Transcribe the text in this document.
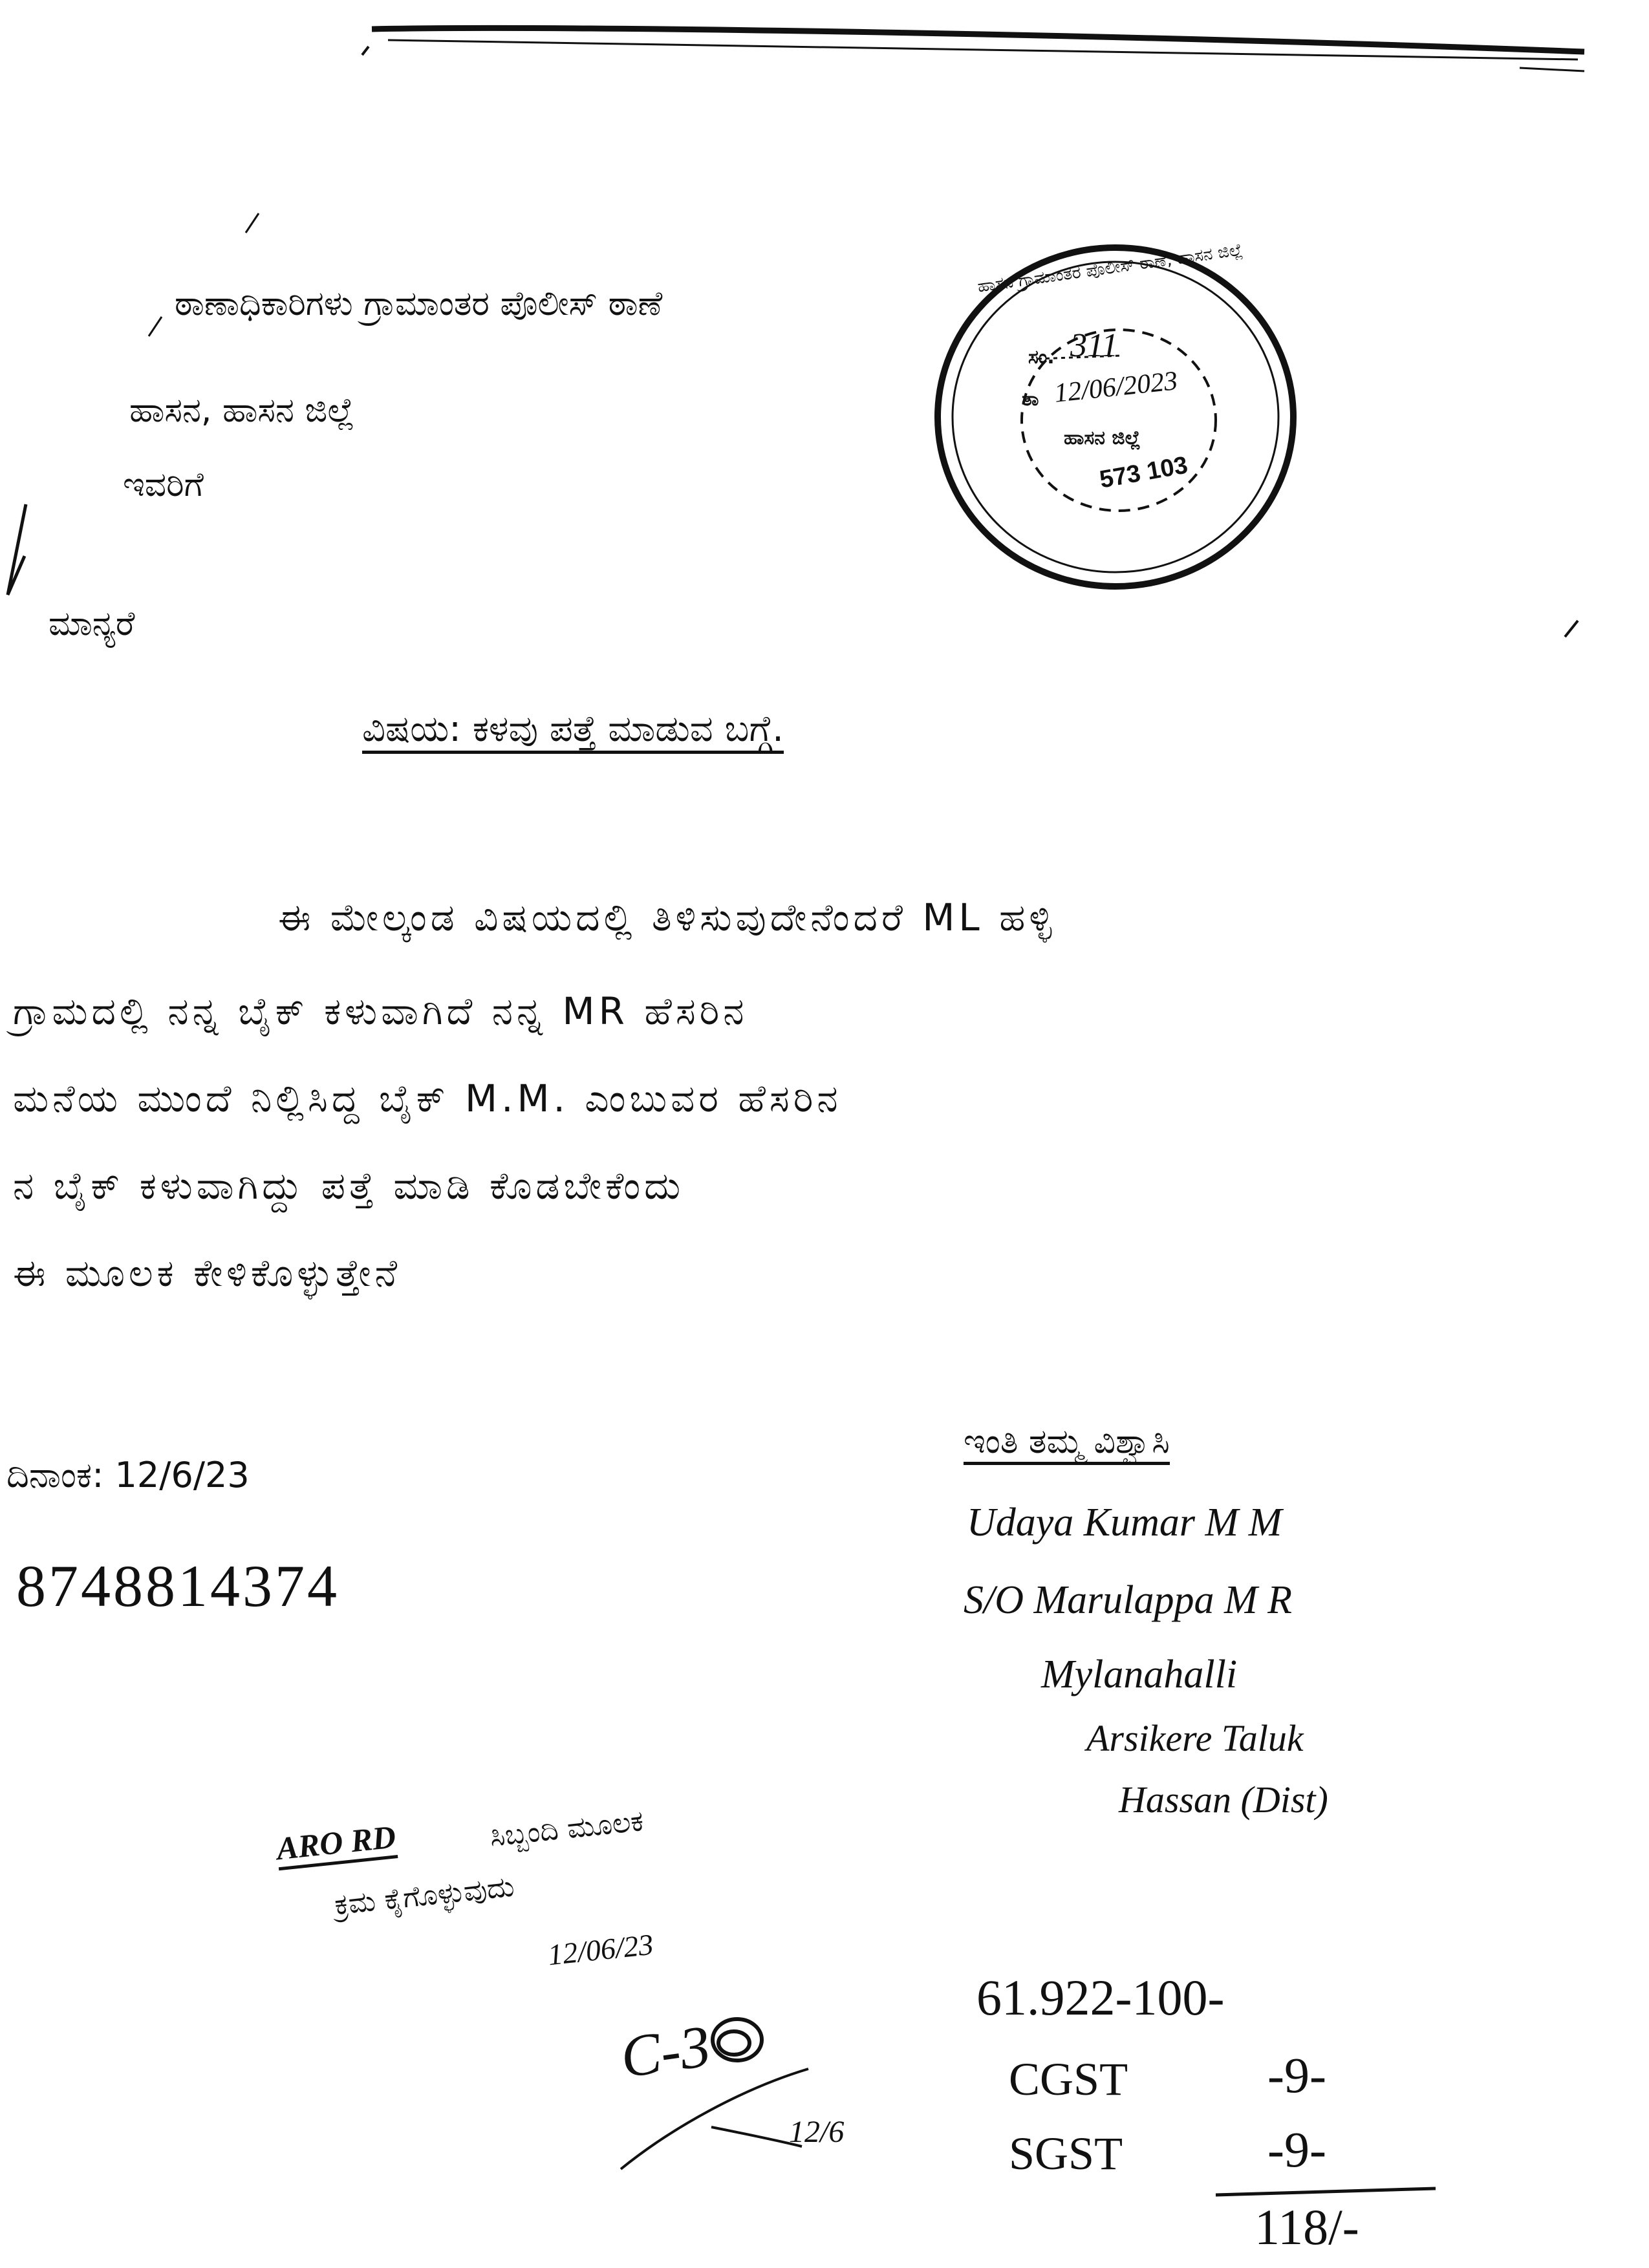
ಠಾಣಾಧಿಕಾರಿಗಳು ಗ್ರಾಮಾಂತರ ಪೊಲೀಸ್ ಠಾಣೆ
ಹಾಸನ, ಹಾಸನ ಜಿಲ್ಲೆ
ಇವರಿಗೆ
ಹಾಸನ ಗ್ರಾಮಾಂತರ ಪೊಲೀಸ್ ಠಾಣೆ, ಹಾಸನ ಜಿಲ್ಲೆ
ಸಂ. 311
ತಾ 12/06/2023
ಹಾಸನ ಜಿಲ್ಲೆ
573 103
ಮಾನ್ಯರೆ
ವಿಷಯ: ಕಳವು ಪತ್ತೆ ಮಾಡುವ ಬಗ್ಗೆ.
ಈ ಮೇಲ್ಕಂಡ ವಿಷಯದಲ್ಲಿ ತಿಳಿಸುವುದೇನೆಂದರೆ ML ಹಳ್ಳಿ
ಗ್ರಾಮದಲ್ಲಿ ನನ್ನ ಬೈಕ್ ಕಳುವಾಗಿದೆ ನನ್ನ MR ಹೆಸರಿನ
ಮನೆಯ ಮುಂದೆ ನಿಲ್ಲಿಸಿದ್ದ ಬೈಕ್ M.M. ಎಂಬುವರ ಹೆಸರಿನ
ನ ಬೈಕ್ ಕಳುವಾಗಿದ್ದು ಪತ್ತೆ ಮಾಡಿ ಕೊಡಬೇಕೆಂದು
ಈ ಮೂಲಕ ಕೇಳಿಕೊಳ್ಳುತ್ತೇನೆ
ದಿನಾಂಕ: 12/6/23
8748814374
ಇಂತಿ ತಮ್ಮ ವಿಶ್ವಾಸಿ
Udaya Kumar M M
S/O Marulappa M R
Mylanahalli
Arsikere Taluk
Hassan (Dist)
ARO RD	ಸಿಬ್ಬಂದಿ ಮೂಲಕ
ಕ್ರಮ ಕೈಗೊಳ್ಳುವುದು
12/06/23
C-3
12/6
61.922-100-
CGST	-9-
SGST	-9-
118/-
